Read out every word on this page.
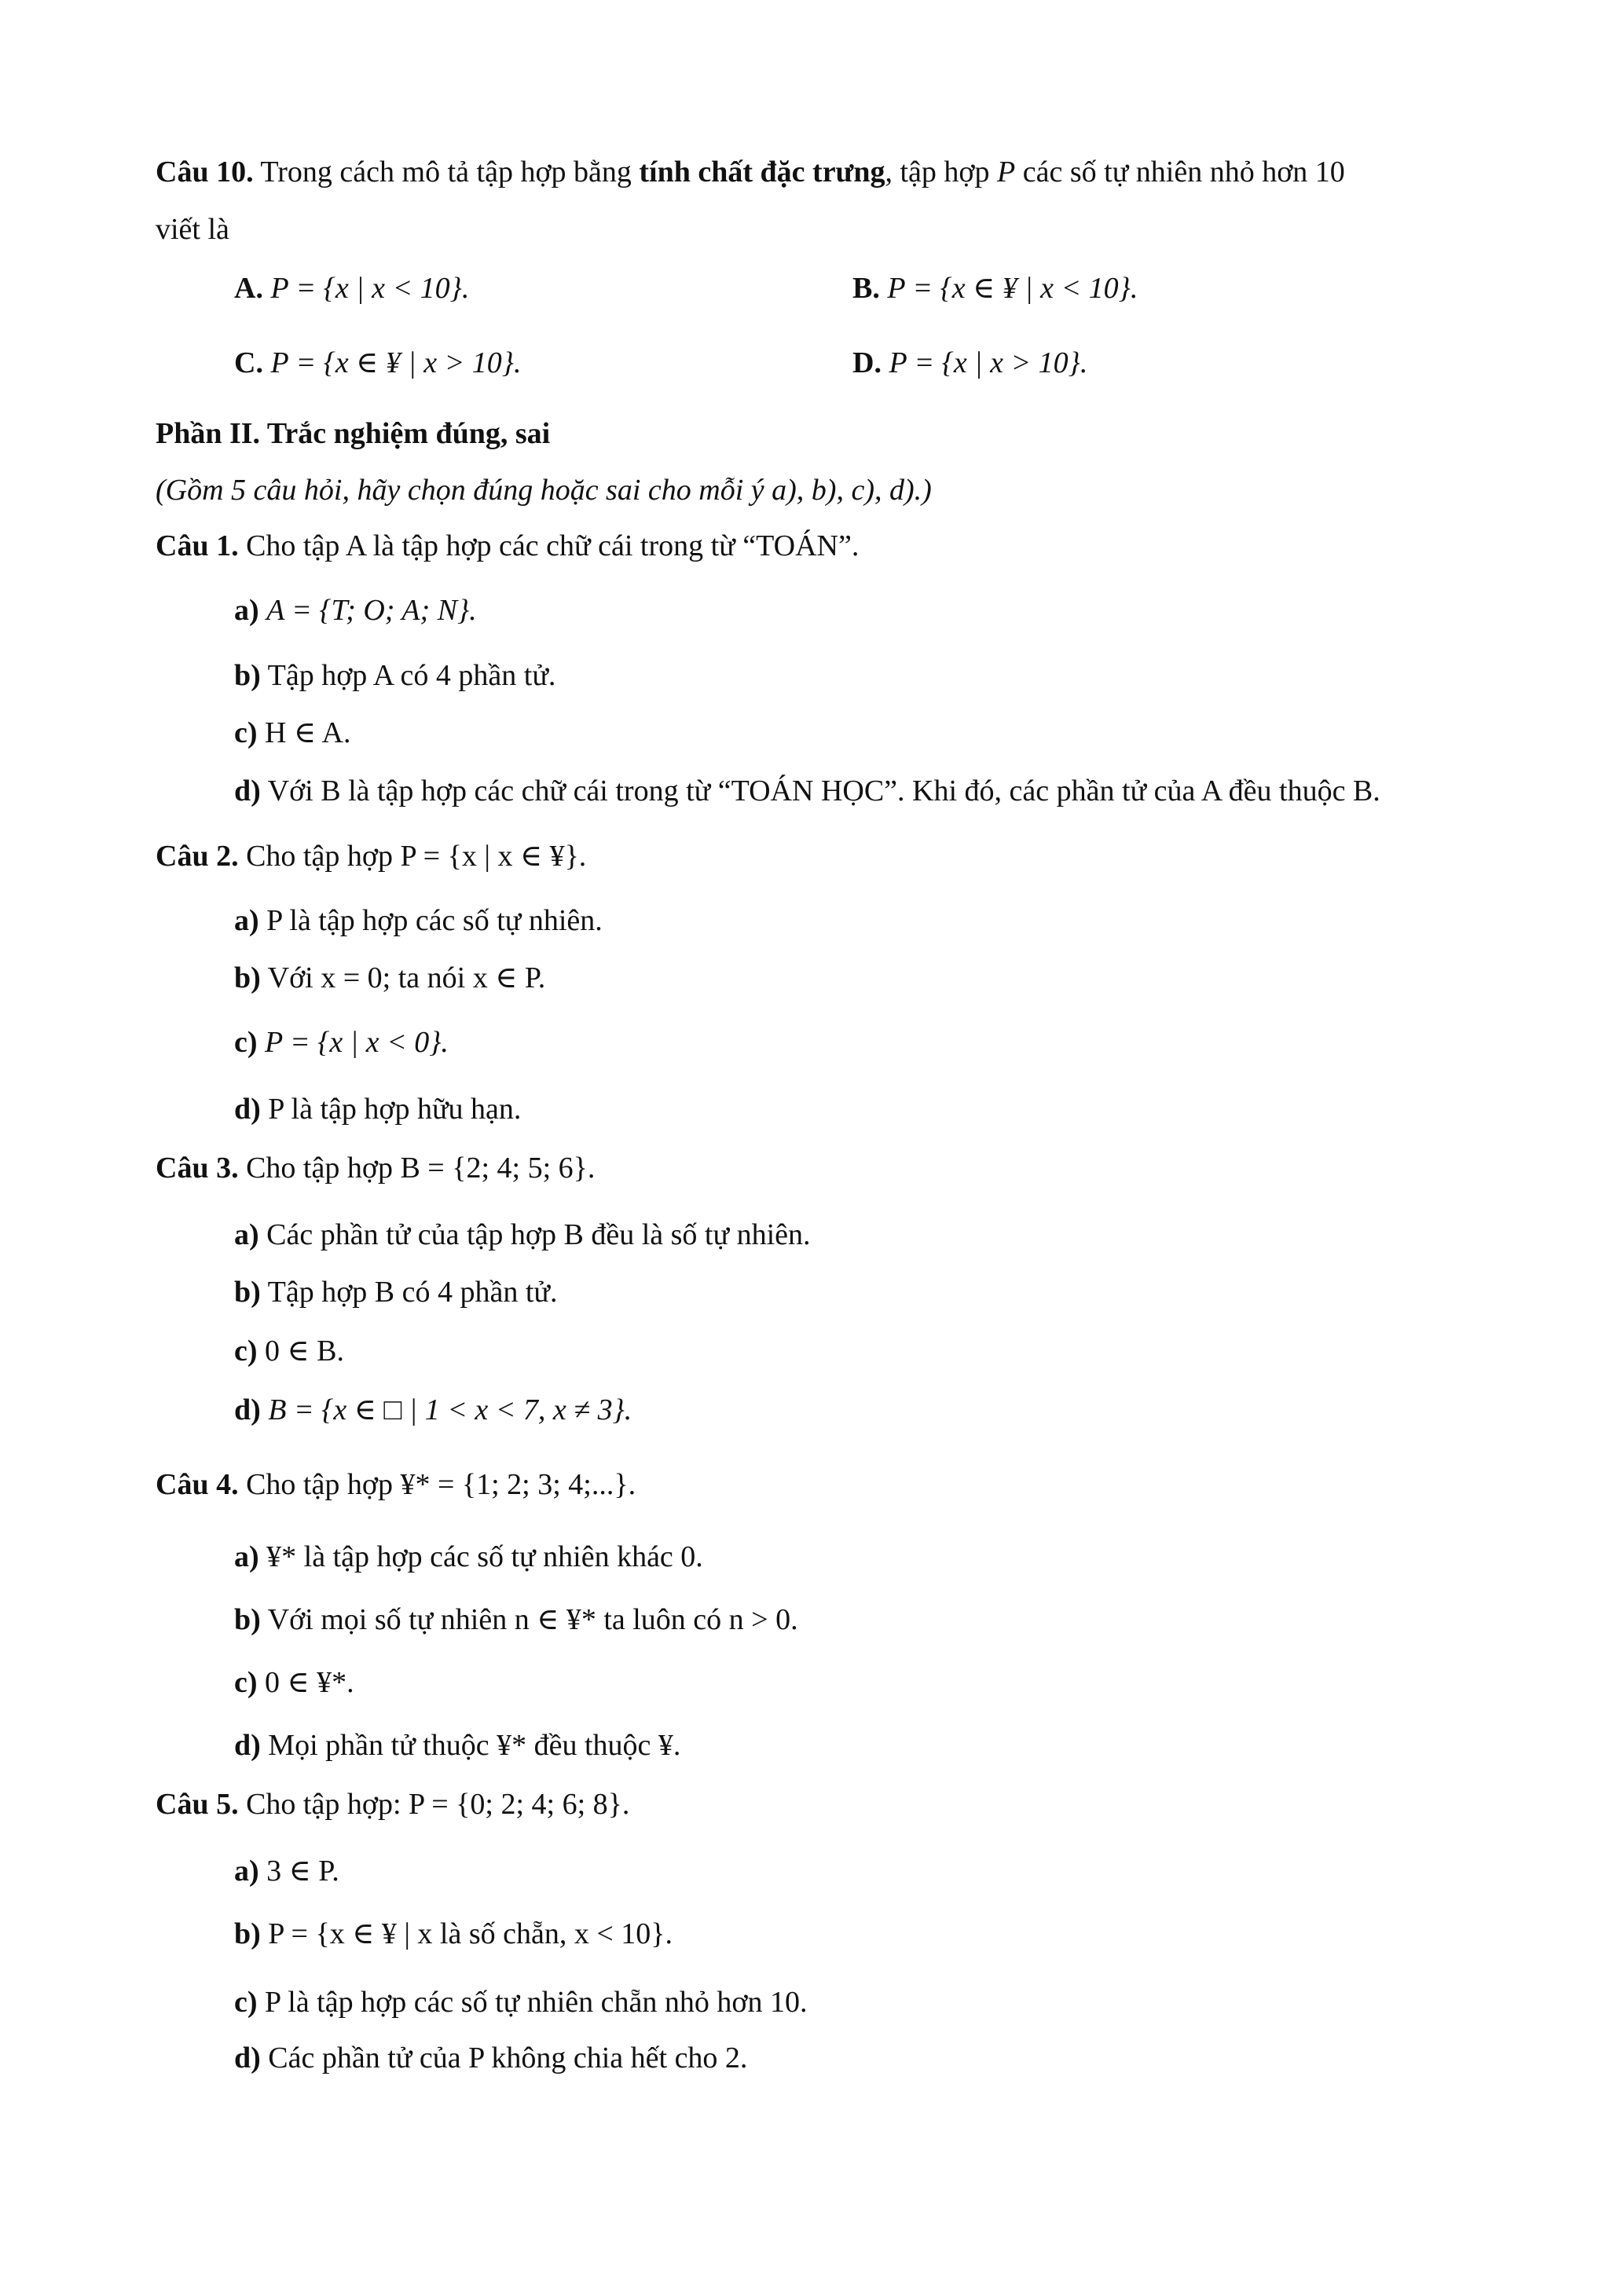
Câu 10. Trong cách mô tả tập hợp bằng tính chất đặc trưng, tập hợp P các số tự nhiên nhỏ hơn 10
viết là
A. P = {x | x < 10}.	B. P = {x ∈ ¥ | x < 10}.
C. P = {x ∈ ¥ | x > 10}.	D. P = {x | x > 10}.
Phần II. Trắc nghiệm đúng, sai
(Gồm 5 câu hỏi, hãy chọn đúng hoặc sai cho mỗi ý a), b), c), d).)
Câu 1. Cho tập A là tập hợp các chữ cái trong từ “TOÁN”.
a) A = {T; O; A; N}.
b) Tập hợp A có 4 phần tử.
c) H ∈ A.
d) Với B là tập hợp các chữ cái trong từ “TOÁN HỌC”. Khi đó, các phần tử của A đều thuộc B.
Câu 2. Cho tập hợp P = {x | x ∈ ¥}.
a) P là tập hợp các số tự nhiên.
b) Với x = 0; ta nói x ∈ P.
c) P = {x | x < 0}.
d) P là tập hợp hữu hạn.
Câu 3. Cho tập hợp B = {2; 4; 5; 6}.
a) Các phần tử của tập hợp B đều là số tự nhiên.
b) Tập hợp B có 4 phần tử.
c) 0 ∈ B.
d) B = {x ∈ □ | 1 < x < 7, x ≠ 3}.
Câu 4. Cho tập hợp ¥* = {1; 2; 3; 4;...}.
a) ¥* là tập hợp các số tự nhiên khác 0.
b) Với mọi số tự nhiên n ∈ ¥* ta luôn có n > 0.
c) 0 ∈ ¥*.
d) Mọi phần tử thuộc ¥* đều thuộc ¥.
Câu 5. Cho tập hợp: P = {0; 2; 4; 6; 8}.
a) 3 ∈ P.
b) P = {x ∈ ¥ | x là số chẵn, x < 10}.
c) P là tập hợp các số tự nhiên chẵn nhỏ hơn 10.
d) Các phần tử của P không chia hết cho 2.
